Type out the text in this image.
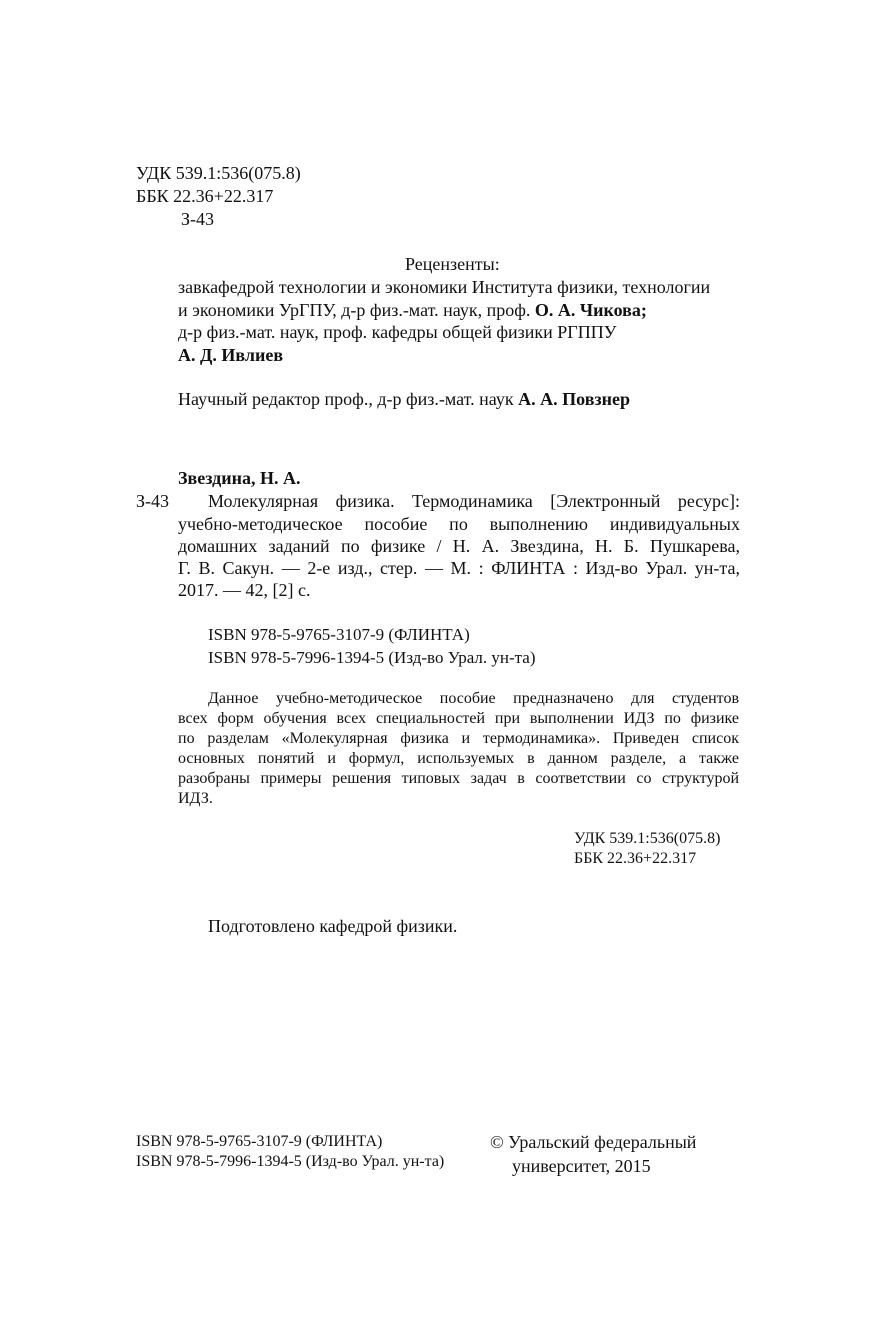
УДК 539.1:536(075.8)
ББК 22.36+22.317
З-43
Рецензенты:
завкафедрой технологии и экономики Института физики, технологии
и экономики УрГПУ, д-р физ.-мат. наук, проф. О. А. Чикова;
д-р физ.-мат. наук, проф. кафедры общей физики РГППУ
А. Д. Ивлиев
Научный редактор проф., д-р физ.-мат. наук А. А. Повзнер
Звездина, Н. А.
З-43 Молекулярная физика. Термодинамика [Электронный ресурс]:
учебно-методическое пособие по выполнению индивидуальных
домашних заданий по физике / Н. А. Звездина, Н. Б. Пушкарева,
Г. В. Сакун. — 2-е изд., стер. — М. : ФЛИНТА : Изд-во Урал. ун-та,
2017. — 42, [2] с.
ISBN 978-5-9765-3107-9 (ФЛИНТА)
ISBN 978-5-7996-1394-5 (Изд-во Урал. ун-та)
Данное учебно-методическое пособие предназначено для студентов
всех форм обучения всех специальностей при выполнении ИДЗ по физике
по разделам «Молекулярная физика и термодинамика». Приведен список
основных понятий и формул, используемых в данном разделе, а также
разобраны примеры решения типовых задач в соответствии со структурой
ИДЗ.
УДК 539.1:536(075.8)
ББК 22.36+22.317
Подготовлено кафедрой физики.
ISBN 978-5-9765-3107-9 (ФЛИНТА)
ISBN 978-5-7996-1394-5 (Изд-во Урал. ун-та)
© Уральский федеральный
университет, 2015
